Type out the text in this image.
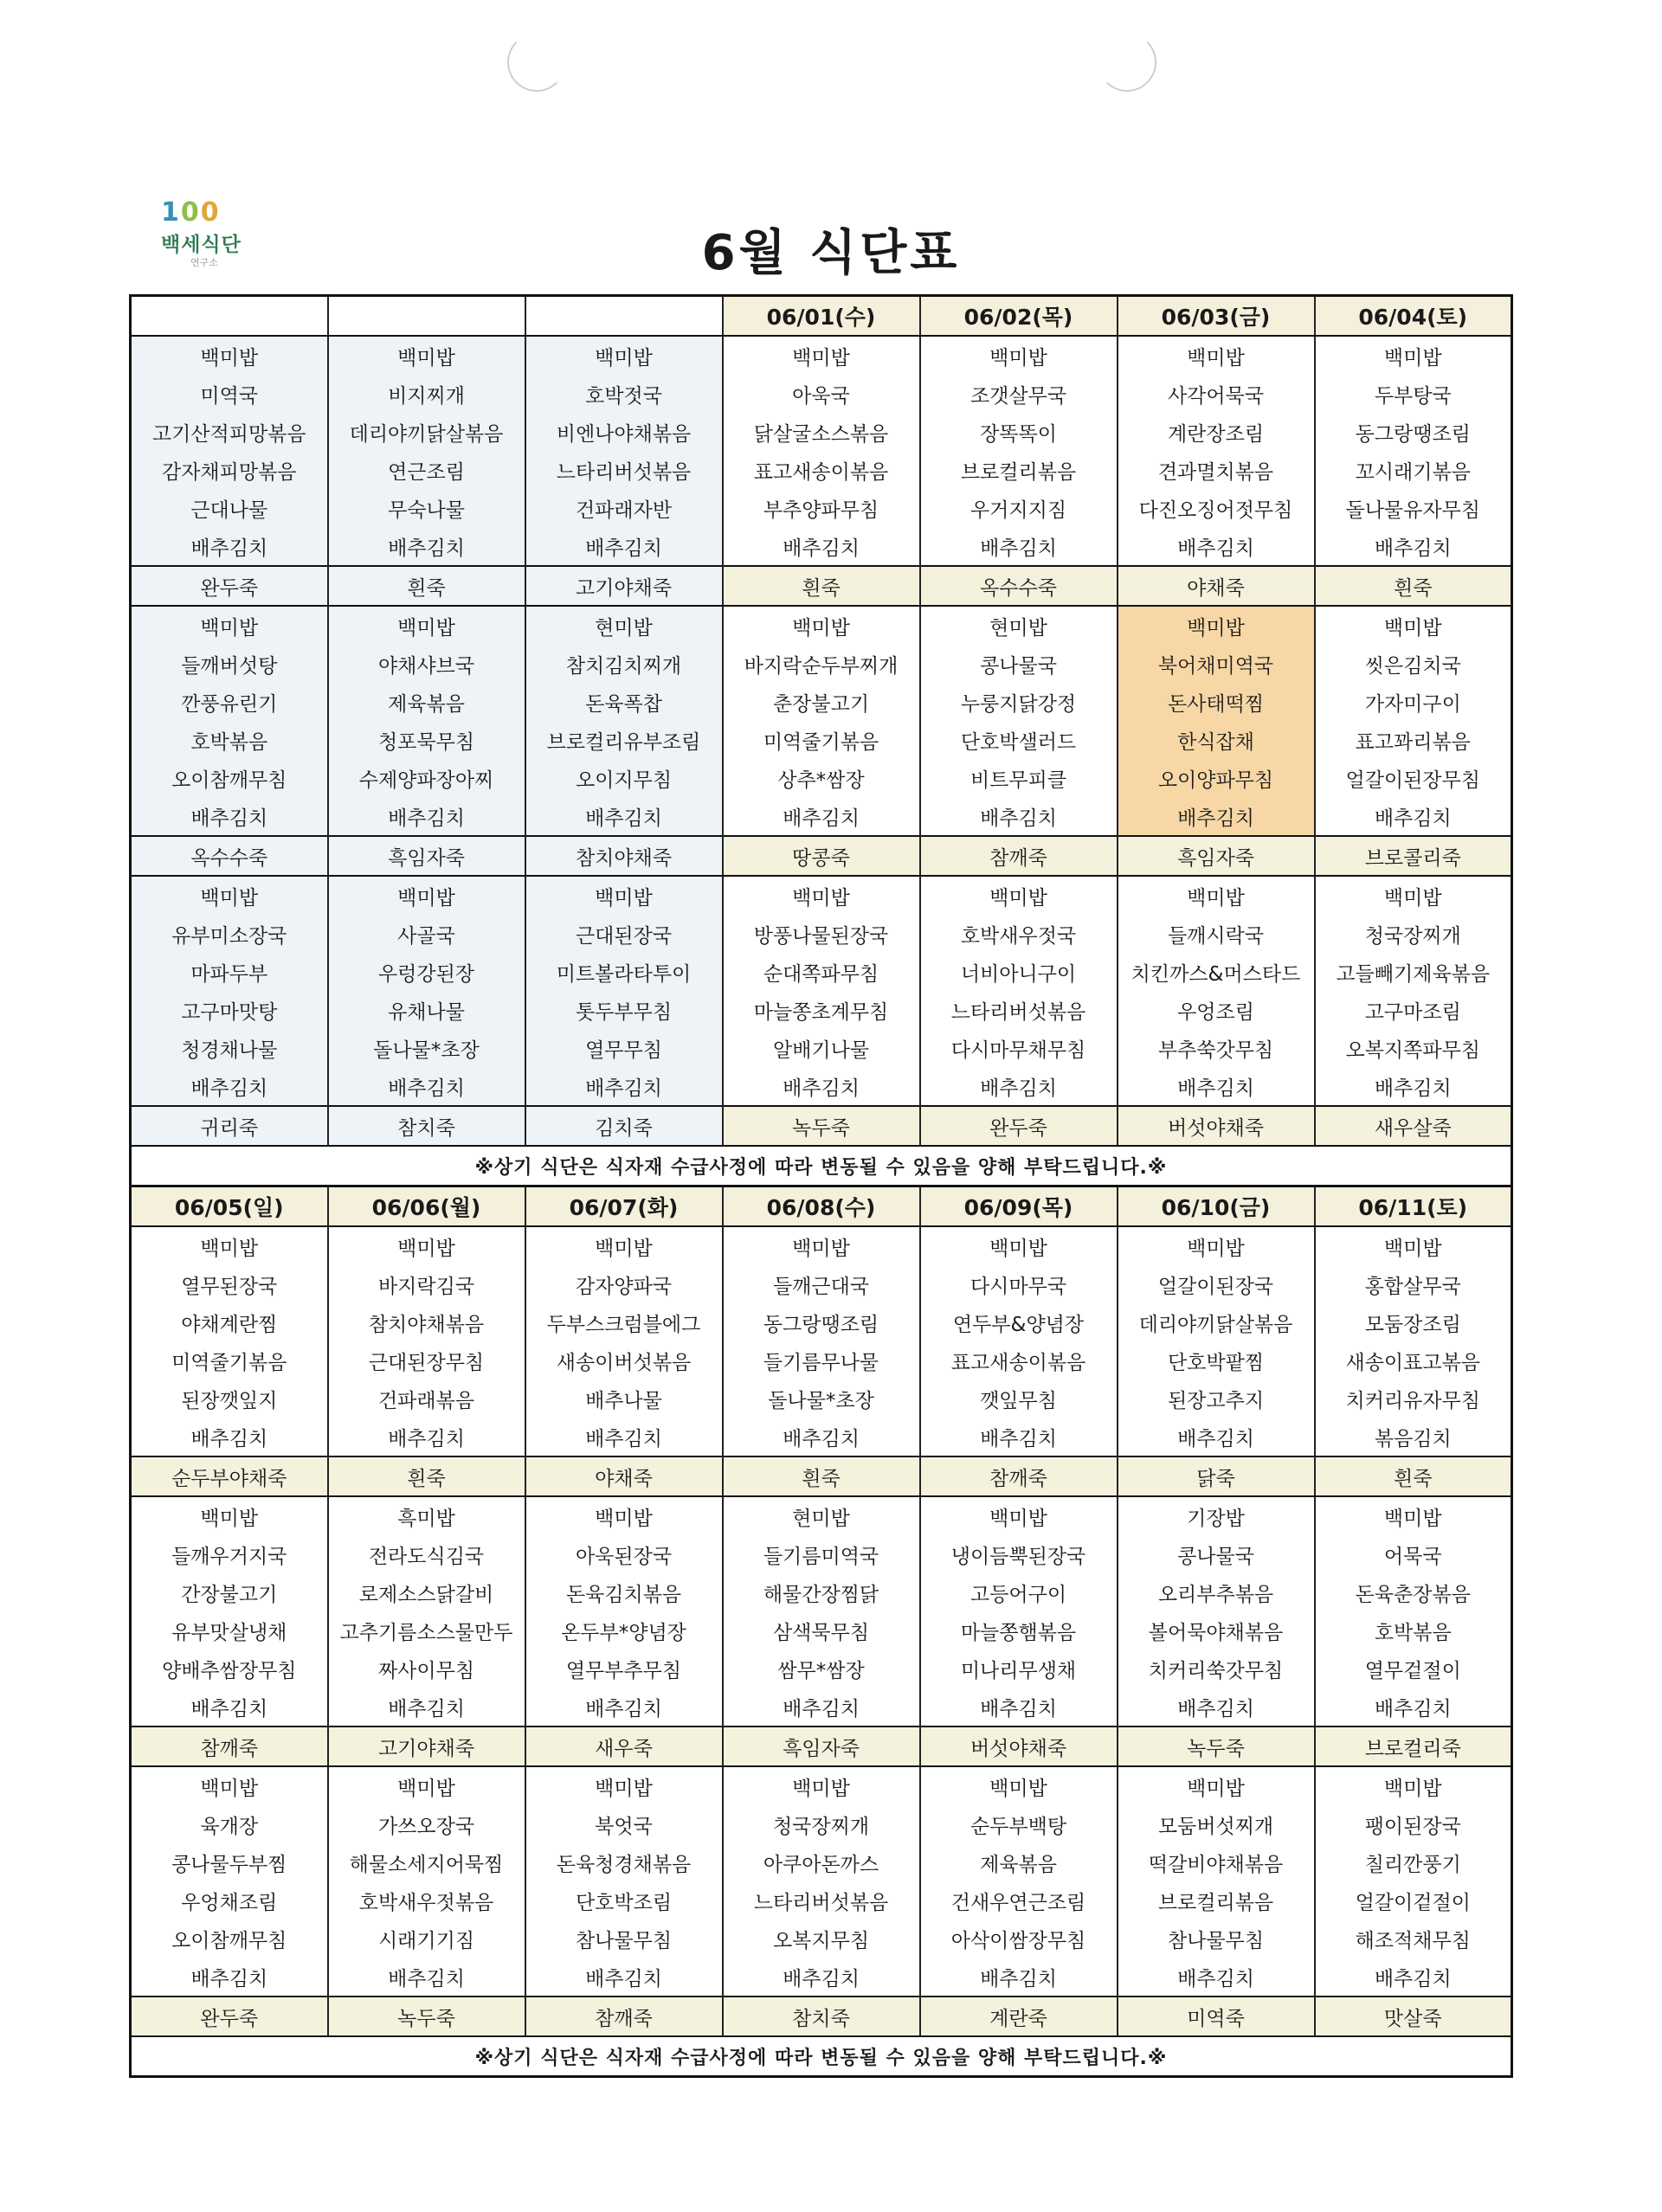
1 0 0
백세식단
연구소	6월 식단표
			06/01(수)	06/02(목)	06/03(금)	06/04(토)
백미밥	백미밥	백미밥	백미밥	백미밥	백미밥	백미밥
미역국	비지찌개	호박젓국	아욱국	조갯살무국	사각어묵국	두부탕국
고기산적피망볶음	데리야끼닭살볶음	비엔나야채볶음	닭살굴소스볶음	장똑똑이	계란장조림	동그랑땡조림
감자채피망볶음	연근조림	느타리버섯볶음	표고새송이볶음	브로컬리볶음	견과멸치볶음	꼬시래기볶음
근대나물	무숙나물	건파래자반	부추양파무침	우거지지짐	다진오징어젓무침	돌나물유자무침
배추김치	배추김치	배추김치	배추김치	배추김치	배추김치	배추김치
완두죽	흰죽	고기야채죽	흰죽	옥수수죽	야채죽	흰죽
백미밥	백미밥	현미밥	백미밥	현미밥	백미밥	백미밥
들깨버섯탕	야채샤브국	참치김치찌개	바지락순두부찌개	콩나물국	북어채미역국	씻은김치국
깐풍유린기	제육볶음	돈육폭찹	춘장불고기	누룽지닭강정	돈사태떡찜	가자미구이
호박볶음	청포묵무침	브로컬리유부조림	미역줄기볶음	단호박샐러드	한식잡채	표고꽈리볶음
오이참깨무침	수제양파장아찌	오이지무침	상추*쌈장	비트무피클	오이양파무침	얼갈이된장무침
배추김치	배추김치	배추김치	배추김치	배추김치	배추김치	배추김치
옥수수죽	흑임자죽	참치야채죽	땅콩죽	참깨죽	흑임자죽	브로콜리죽
백미밥	백미밥	백미밥	백미밥	백미밥	백미밥	백미밥
유부미소장국	사골국	근대된장국	방풍나물된장국	호박새우젓국	들깨시락국	청국장찌개
마파두부	우렁강된장	미트볼라타투이	순대쪽파무침	너비아니구이	치킨까스&머스타드	고들빼기제육볶음
고구마맛탕	유채나물	톳두부무침	마늘쫑초계무침	느타리버섯볶음	우엉조림	고구마조림
청경채나물	돌나물*초장	열무무침	알배기나물	다시마무채무침	부추쑥갓무침	오복지쪽파무침
배추김치	배추김치	배추김치	배추김치	배추김치	배추김치	배추김치
귀리죽	참치죽	김치죽	녹두죽	완두죽	버섯야채죽	새우살죽
※상기 식단은 식자재 수급사정에 따라 변동될 수 있음을 양해 부탁드립니다.※						
06/05(일)	06/06(월)	06/07(화)	06/08(수)	06/09(목)	06/10(금)	06/11(토)
백미밥	백미밥	백미밥	백미밥	백미밥	백미밥	백미밥
열무된장국	바지락김국	감자양파국	들깨근대국	다시마무국	얼갈이된장국	홍합살무국
야채계란찜	참치야채볶음	두부스크럼블에그	동그랑땡조림	연두부&양념장	데리야끼닭살볶음	모둠장조림
미역줄기볶음	근대된장무침	새송이버섯볶음	들기름무나물	표고새송이볶음	단호박팥찜	새송이표고볶음
된장깻잎지	건파래볶음	배추나물	돌나물*초장	깻잎무침	된장고추지	치커리유자무침
배추김치	배추김치	배추김치	배추김치	배추김치	배추김치	볶음김치
순두부야채죽	흰죽	야채죽	흰죽	참깨죽	닭죽	흰죽
백미밥	흑미밥	백미밥	현미밥	백미밥	기장밥	백미밥
들깨우거지국	전라도식김국	아욱된장국	들기름미역국	냉이듬뿍된장국	콩나물국	어묵국
간장불고기	로제소스닭갈비	돈육김치볶음	해물간장찜닭	고등어구이	오리부추볶음	돈육춘장볶음
유부맛살냉채	고추기름소스물만두	온두부*양념장	삼색묵무침	마늘쫑햄볶음	볼어묵야채볶음	호박볶음
양배추쌈장무침	짜사이무침	열무부추무침	쌈무*쌈장	미나리무생채	치커리쑥갓무침	열무겉절이
배추김치	배추김치	배추김치	배추김치	배추김치	배추김치	배추김치
참깨죽	고기야채죽	새우죽	흑임자죽	버섯야채죽	녹두죽	브로컬리죽
백미밥	백미밥	백미밥	백미밥	백미밥	백미밥	백미밥
육개장	가쓰오장국	북엇국	청국장찌개	순두부백탕	모둠버섯찌개	팽이된장국
콩나물두부찜	해물소세지어묵찜	돈육청경채볶음	아쿠아돈까스	제육볶음	떡갈비야채볶음	칠리깐풍기
우엉채조림	호박새우젓볶음	단호박조림	느타리버섯볶음	건새우연근조림	브로컬리볶음	얼갈이겉절이
오이참깨무침	시래기기짐	참나물무침	오복지무침	아삭이쌈장무침	참나물무침	해조적채무침
배추김치	배추김치	배추김치	배추김치	배추김치	배추김치	배추김치
완두죽	녹두죽	참깨죽	참치죽	계란죽	미역죽	맛살죽
※상기 식단은 식자재 수급사정에 따라 변동될 수 있음을 양해 부탁드립니다.※						
